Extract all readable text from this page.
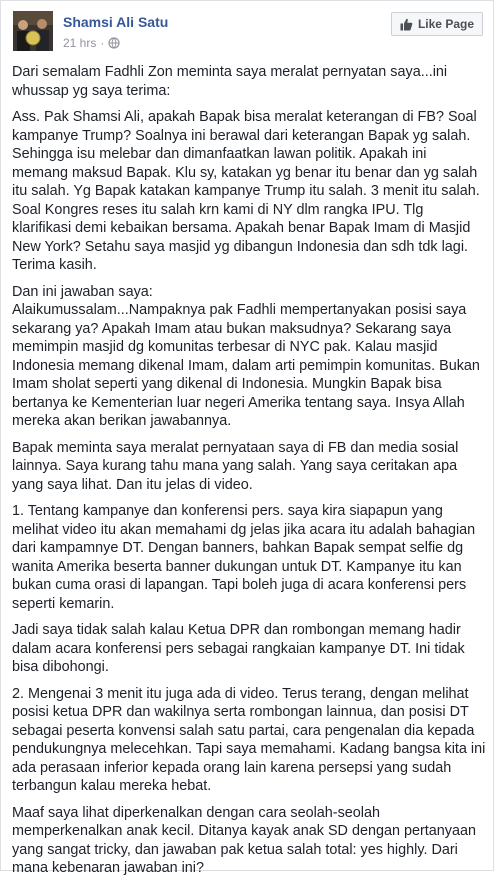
Shamsi Ali Satu
21 hrs ·
Like Page

Dari semalam Fadhli Zon meminta saya meralat pernyatan saya...ini whussap yg saya terima:

Ass. Pak Shamsi Ali, apakah Bapak bisa meralat keterangan di FB? Soal kampanye Trump? Soalnya ini berawal dari keterangan Bapak yg salah. Sehingga isu melebar dan dimanfaatkan lawan politik. Apakah ini memang maksud Bapak. Klu sy, katakan yg benar itu benar dan yg salah itu salah. Yg Bapak katakan kampanye Trump itu salah. 3 menit itu salah. Soal Kongres reses itu salah krn kami di NY dlm rangka IPU. Tlg klarifikasi demi kebaikan bersama. Apakah benar Bapak Imam di Masjid New York? Setahu saya masjid yg dibangun Indonesia dan sdh tdk lagi. Terima kasih.

Dan ini jawaban saya:

Alaikumussalam...Nampaknya pak Fadhli mempertanyakan posisi saya sekarang ya? Apakah Imam atau bukan maksudnya? Sekarang saya memimpin masjid dg komunitas terbesar di NYC pak. Kalau masjid Indonesia memang dikenal Imam, dalam arti pemimpin komunitas. Bukan Imam sholat seperti yang dikenal di Indonesia. Mungkin Bapak bisa bertanya ke Kementerian luar negeri Amerika tentang saya. Insya Allah mereka akan berikan jawabannya.

Bapak meminta saya meralat pernyataan saya di FB dan media sosial lainnya. Saya kurang tahu mana yang salah. Yang saya ceritakan apa yang saya lihat. Dan itu jelas di video.

1. Tentang kampanye dan konferensi pers. saya kira siapapun yang melihat video itu akan memahami dg jelas jika acara itu adalah bahagian dari kampamnye DT. Dengan banners, bahkan Bapak sempat selfie dg wanita Amerika beserta banner dukungan untuk DT. Kampanye itu kan bukan cuma orasi di lapangan. Tapi boleh juga di acara konferensi pers seperti kemarin.

Jadi saya tidak salah kalau Ketua DPR dan rombongan memang hadir dalam acara konferensi pers sebagai rangkaian kampanye DT. Ini tidak bisa dibohongi.

2. Mengenai 3 menit itu juga ada di video. Terus terang, dengan melihat posisi ketua DPR dan wakilnya serta rombongan lainnua, dan posisi DT sebagai peserta konvensi salah satu partai, cara pengenalan dia kepada pendukungnya melecehkan. Tapi saya memahami. Kadang bangsa kita ini ada perasaan inferior kepada orang lain karena persepsi yang sudah terbangun kalau mereka hebat.

Maaf saya lihat diperkenalkan dengan cara seolah-seolah memperkenalkan anak kecil. Ditanya kayak anak SD dengan pertanyaan yang sangat tricky, dan jawaban pak ketua salah total: yes highly. Dari mana kebenaran jawaban ini?
